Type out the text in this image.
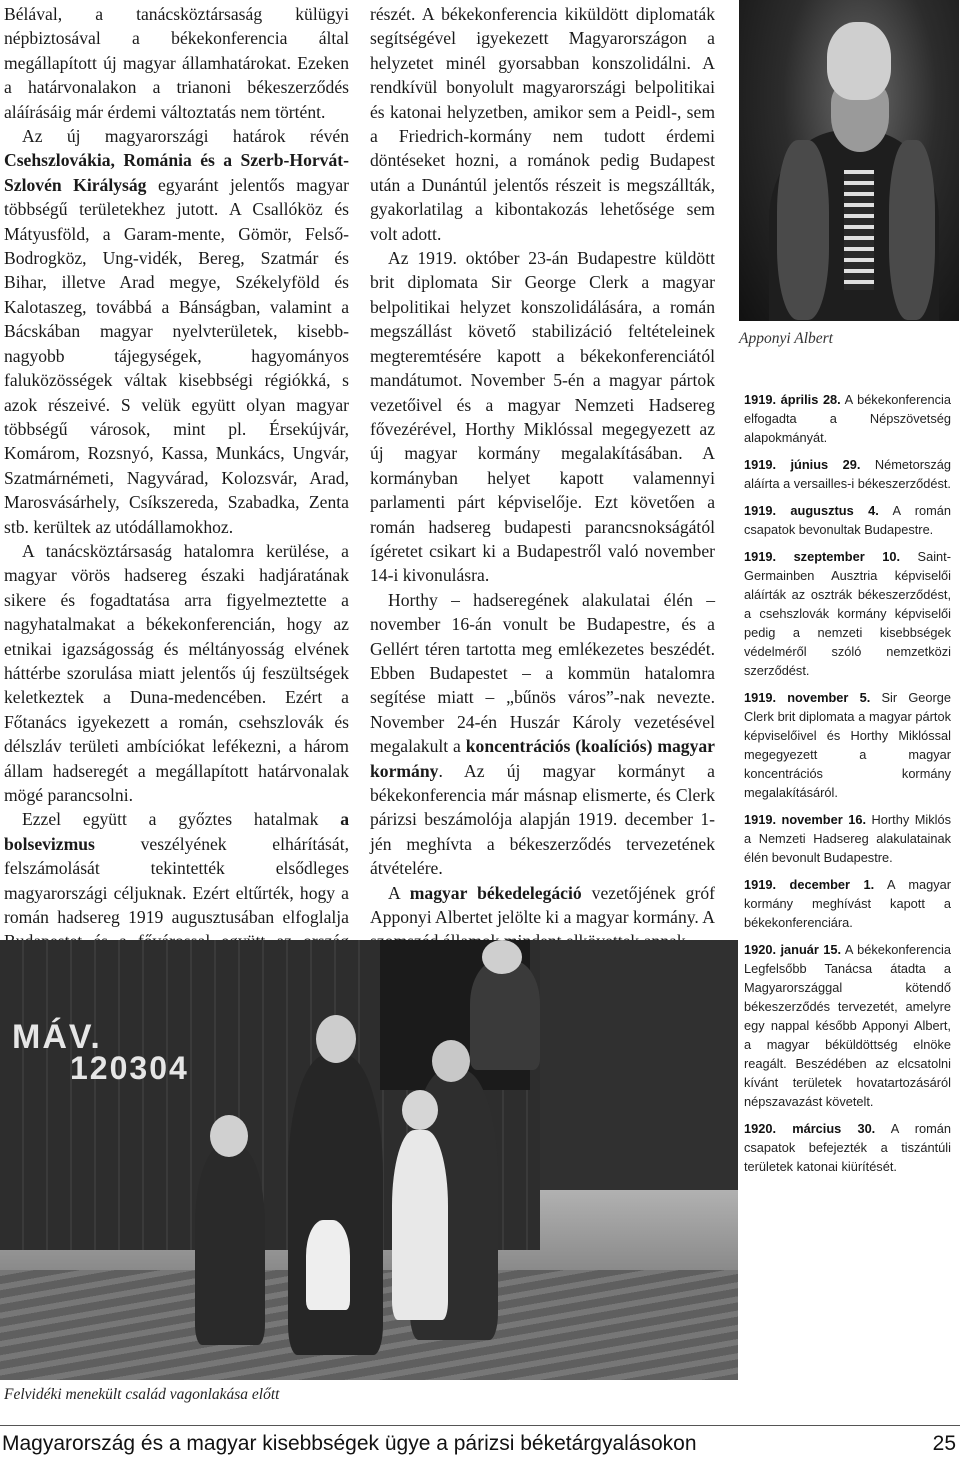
Bélával, a tanácsköztársaság külügyi népbiztosával a békekonferencia által megállapított új magyar államhatárokat. Ezeken a határvonalakon a trianoni békeszerződés aláírásáig már érdemi változtatás nem történt.

Az új magyarországi határok révén Csehszlovákia, Románia és a Szerb-Horvát-Szlovén Királyság egyaránt jelentős magyar többségű területekhez jutott. A Csallóköz és Mátyusföld, a Garam-mente, Gömör, Felső-Bodrogköz, Ung-vidék, Bereg, Szatmár és Bihar, illetve Arad megye, Székelyföld és Kalotaszeg, továbbá a Bánságban, valamint a Bácskában magyar nyelvterületek, kisebb-nagyobb tájegységek, hagyományos faluközösségek váltak kisebbségi régiókká, s azok részeivé. S velük együtt olyan magyar többségű városok, mint pl. Érsekújvár, Komárom, Rozsnyó, Kassa, Munkács, Ungvár, Szatmárnémeti, Nagyvárad, Kolozsvár, Arad, Marosvásárhely, Csíkszereda, Szabadka, Zenta stb. kerültek az utódállamokhoz.

A tanácsköztársaság hatalomra kerülése, a magyar vörös hadsereg északi hadjáratának sikere és fogadtatása arra figyelmeztette a nagyhatalmakat a békekonferencián, hogy az etnikai igazságosság és méltányosság elvének háttérbe szorulása miatt jelentős új feszültségek keletkeztek a Duna-medencében. Ezért a Főtanács igyekezett a román, csehszlovák és délszláv területi ambíciókat lefékezni, a három állam hadseregét a megállapított határvonalak mögé parancsolni.

Ezzel együtt a győztes hatalmak a bolsevizmus	veszélyének elhárítását, felszámolását tekintették elsődleges magyarországi céljuknak. Ezért eltűrték, hogy a román hadsereg 1919 augusztusában elfoglalja

részét. A békekonferencia kiküldött diplomaták segítségével igyekezett Magyarországon a helyzetet minél gyorsabban konszolidálni. A rendkívül bonyolult magyarországi belpolitikai és katonai helyzetben, amikor sem a Peidl-, sem a Friedrich-kormány nem tudott érdemi döntéseket hozni, a románok pedig Budapest után a Dunántúl jelentős részeit is megszállták, gyakorlatilag a kibontakozás lehetősége sem volt adott.

Az 1919. október 23-án Budapestre küldött brit diplomata Sir George Clerk a magyar belpolitikai helyzet konszolidálására, a román megszállást követő stabilizáció feltételeinek megteremtésére kapott a békekonferenciától mandátumot. November 5-én a magyar pártok vezetőivel és a magyar Nemzeti Hadsereg fővezérével, Horthy Miklóssal megegyezett az új magyar kormány megalakításában. A kormányban helyet kapott valamennyi parlamenti párt képviselője. Ezt követően a román hadsereg budapesti parancsnokságától ígéretet csikart ki a Budapestről való november 14-i kivonulásra.

Horthy – hadseregének alakulatai élén – november 16-án vonult be Budapestre, és a Gellért téren tartotta meg emlékezetes beszédét. Ebben Budapestet – a kommün hatalomra segítése miatt – „bűnös város”-nak nevezte. November 24-én Huszár Károly vezetésével megalakult a koncentrációs (koalíciós) magyar kormány. Az új magyar kormányt a békekonferencia már másnap elismerte, és Clerk párizsi beszámolója alapján 1919. december 1-jén meghívta a békeszerződés tervezetének átvételére.

A magyar békedelegáció vezetőjének gróf Apponyi Albertet jelölte ki a magyar kormány. A

Apponyi Albert

1919. április 28. A békekonferencia elfogadta a Népszövetség alapokmányát.

1919. június 29. Németország aláírta a versailles-i békeszerződést.

1919. augusztus 4. A román csapatok bevonultak Budapestre.

1919. szeptember 10. Saint-Germainben Ausztria képviselői aláírták az osztrák békeszerződést, a csehszlovák kormány képviselői pedig a nemzeti kisebbségek védelméről szóló nemzetközi szerződést.

1919. november 5. Sir George Clerk brit diplomata a magyar pártok képviselőivel és Horthy Miklóssal megegyezett a magyar koncentrációs kormány megalakításáról.

1919. november 16. Horthy Miklós a Nemzeti Hadsereg alakulatainak élén bevonult Budapestre.

1919. december 1. A magyar kormány meghívást kapott a békekonferenciára.

1920. január 15. A békekonferencia Legfelsőbb Tanácsa átadta a Magyarországgal kötendő békeszerződés tervezetét, amelyre egy nappal később Apponyi Albert, a magyar béküldöttség elnöke reagált. Beszédében az elcsatolni kívánt területek hovatartozásáról népszavazást követelt.

1920. március 30. A román csapatok befejezték a tiszántúli területek katonai kiürítését.

MÁV.
120304
Felvidéki menekült család vagonlakása előtt
Magyarország és a magyar kisebbségek ügye a párizsi béketárgyalásokon	25
